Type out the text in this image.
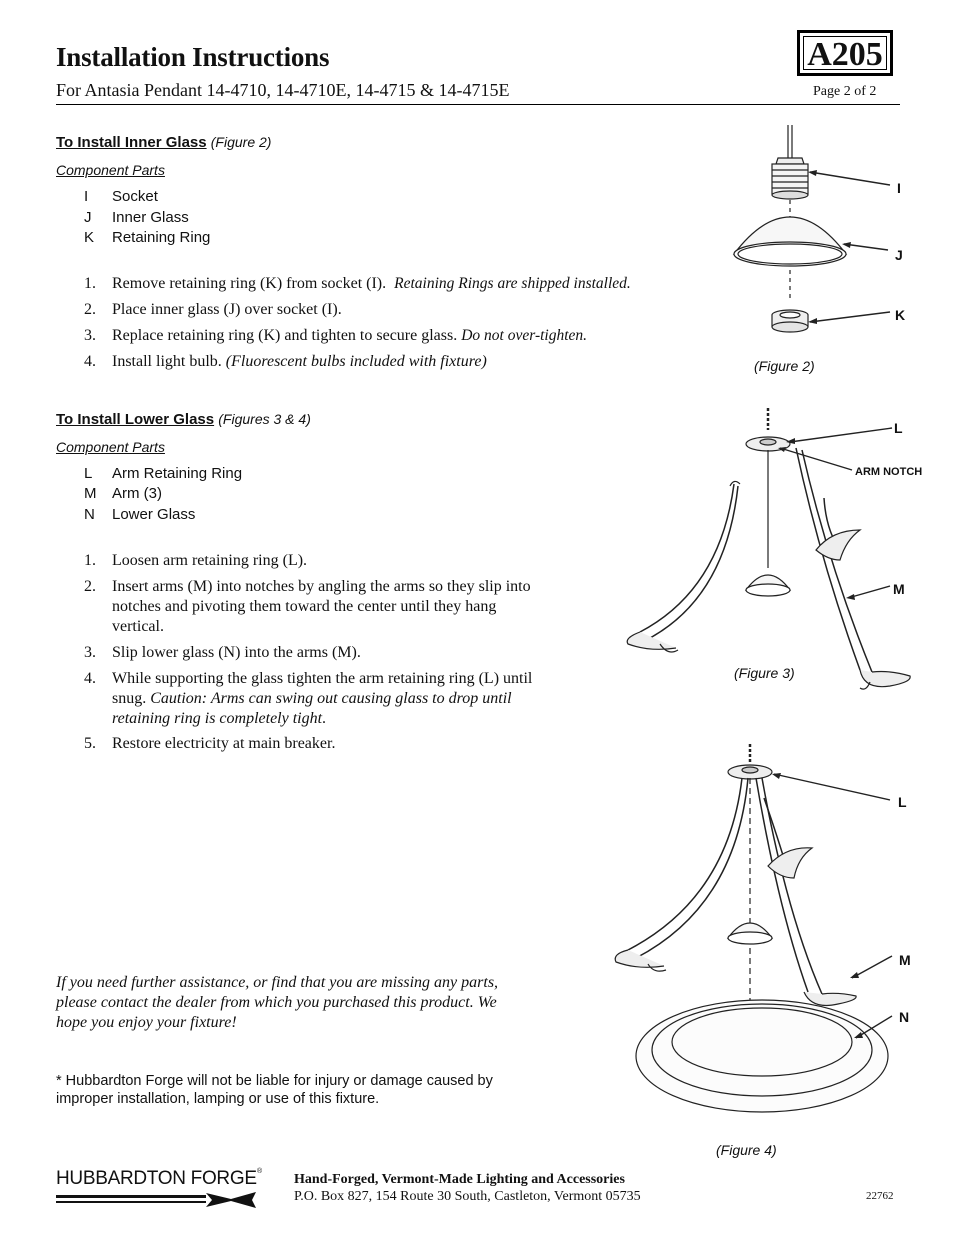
Installation Instructions
For Antasia Pendant 14-4710, 14-4710E, 14-4715 & 14-4715E
A205
Page 2 of 2
To Install Inner Glass (Figure 2)
Component Parts
I Socket
J Inner Glass
K Retaining Ring
1. Remove retaining ring (K) from socket (I). Retaining Rings are shipped installed.
2. Place inner glass (J) over socket (I).
3. Replace retaining ring (K) and tighten to secure glass. Do not over-tighten.
4. Install light bulb. (Fluorescent bulbs included with fixture)
To Install Lower Glass (Figures 3 & 4)
Component Parts
L Arm Retaining Ring
M Arm (3)
N Lower Glass
1. Loosen arm retaining ring (L).
2. Insert arms (M) into notches by angling the arms so they slip into
notches and pivoting them toward the center until they hang
vertical.
3. Slip lower glass (N) into the arms (M).
4. While supporting the glass tighten the arm retaining ring (L) until
snug. Caution: Arms can swing out causing glass to drop until
retaining ring is completely tight.
5. Restore electricity at main breaker.
I
J
K
(Figure 2)
L
ARM NOTCH
M
(Figure 3)
L
M
N
(Figure 4)
If you need further assistance, or find that you are missing any parts,
please contact the dealer from which you purchased this product. We
hope you enjoy your fixture!
* Hubbardton Forge will not be liable for injury or damage caused by
improper installation, lamping or use of this fixture.
HUBBARDTON FORGE ®
Hand-Forged, Vermont-Made Lighting and Accessories
P.O. Box 827, 154 Route 30 South, Castleton, Vermont 05735	22762
